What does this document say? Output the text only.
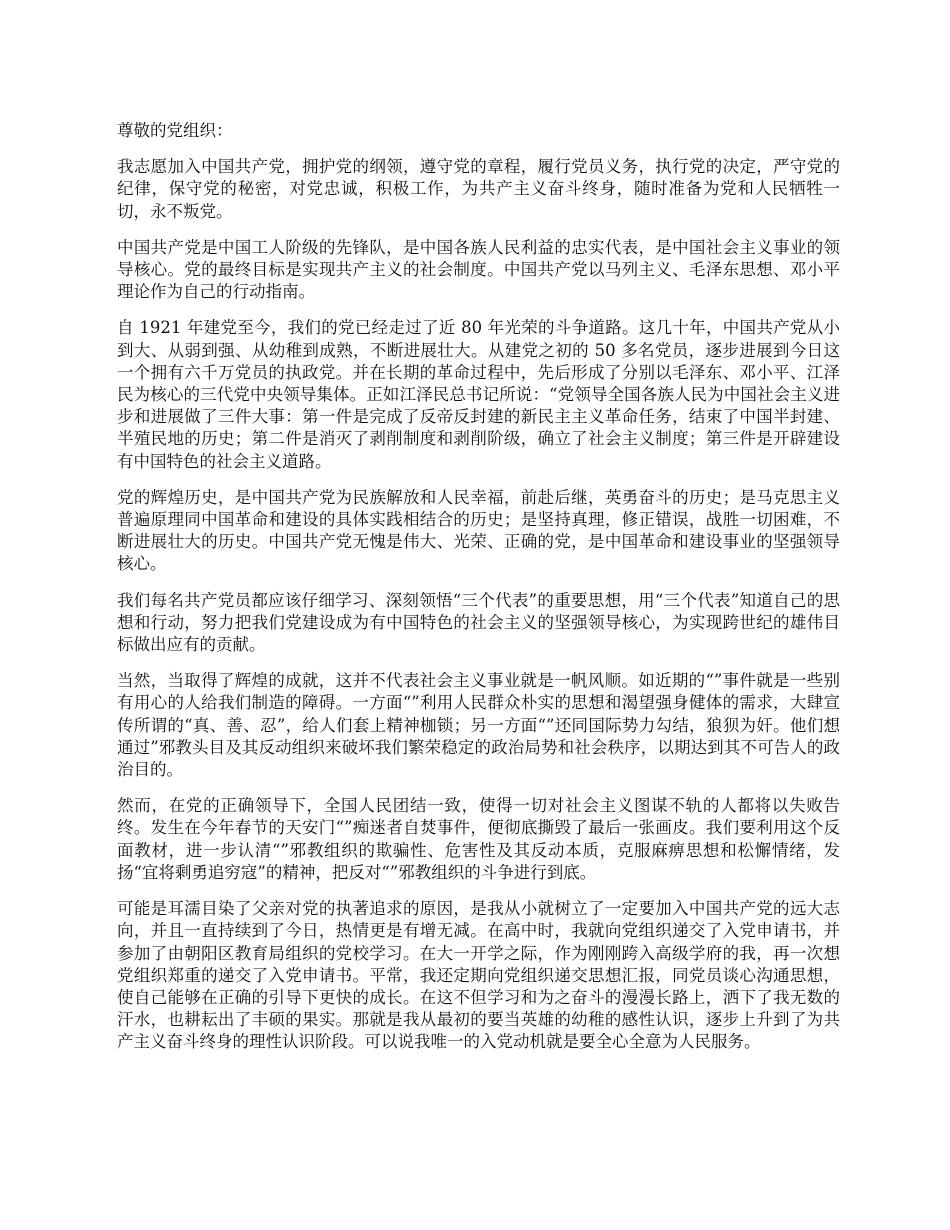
尊敬的党组织：

我志愿加入中国共产党，拥护党的纲领，遵守党的章程，履行党员义务，执行党的决定，严守党的纪律，保守党的秘密，对党忠诚，积极工作，为共产主义奋斗终身，随时准备为党和人民牺牲一切，永不叛党。

中国共产党是中国工人阶级的先锋队，是中国各族人民利益的忠实代表，是中国社会主义事业的领导核心。党的最终目标是实现共产主义的社会制度。中国共产党以马列主义、毛泽东思想、邓小平理论作为自己的行动指南。

自 1921 年建党至今，我们的党已经走过了近 80 年光荣的斗争道路。这几十年，中国共产党从小到大、从弱到强、从幼稚到成熟，不断进展壮大。从建党之初的 50 多名党员，逐步进展到今日这一个拥有六千万党员的执政党。并在长期的革命过程中，先后形成了分别以毛泽东、邓小平、江泽民为核心的三代党中央领导集体。正如江泽民总书记所说：“党领导全国各族人民为中国社会主义进步和进展做了三件大事：第一件是完成了反帝反封建的新民主主义革命任务，结束了中国半封建、半殖民地的历史；第二件是消灭了剥削制度和剥削阶级，确立了社会主义制度；第三件是开辟建设有中国特色的社会主义道路。

党的辉煌历史，是中国共产党为民族解放和人民幸福，前赴后继，英勇奋斗的历史；是马克思主义普遍原理同中国革命和建设的具体实践相结合的历史；是坚持真理，修正错误，战胜一切困难，不断进展壮大的历史。中国共产党无愧是伟大、光荣、正确的党，是中国革命和建设事业的坚强领导核心。

我们每名共产党员都应该仔细学习、深刻领悟“三个代表”的重要思想，用“三个代表”知道自己的思想和行动，努力把我们党建设成为有中国特色的社会主义的坚强领导核心，为实现跨世纪的雄伟目标做出应有的贡献。

当然，当取得了辉煌的成就，这并不代表社会主义事业就是一帆风顺。如近期的“”事件就是一些别有用心的人给我们制造的障碍。一方面“”利用人民群众朴实的思想和渴望强身健体的需求，大肆宣传所谓的“真、善、忍”，给人们套上精神枷锁；另一方面“”还同国际势力勾结，狼狈为奸。他们想通过”邪教头目及其反动组织来破坏我们繁荣稳定的政治局势和社会秩序，以期达到其不可告人的政治目的。

然而，在党的正确领导下，全国人民团结一致，使得一切对社会主义图谋不轨的人都将以失败告终。发生在今年春节的天安门“”痴迷者自焚事件，便彻底撕毁了最后一张画皮。我们要利用这个反面教材，进一步认清“”邪教组织的欺骗性、危害性及其反动本质，克服麻痹思想和松懈情绪，发扬“宜将剩勇追穷寇”的精神，把反对“”邪教组织的斗争进行到底。

可能是耳濡目染了父亲对党的执著追求的原因，是我从小就树立了一定要加入中国共产党的远大志向，并且一直持续到了今日，热情更是有增无减。在高中时，我就向党组织递交了入党申请书，并参加了由朝阳区教育局组织的党校学习。在大一开学之际，作为刚刚跨入高级学府的我，再一次想党组织郑重的递交了入党申请书。平常，我还定期向党组织递交思想汇报，同党员谈心沟通思想，使自己能够在正确的引导下更快的成长。在这不但学习和为之奋斗的漫漫长路上，洒下了我无数的汗水，也耕耘出了丰硕的果实。那就是我从最初的要当英雄的幼稚的感性认识，逐步上升到了为共产主义奋斗终身的理性认识阶段。可以说我唯一的入党动机就是要全心全意为人民服务。
